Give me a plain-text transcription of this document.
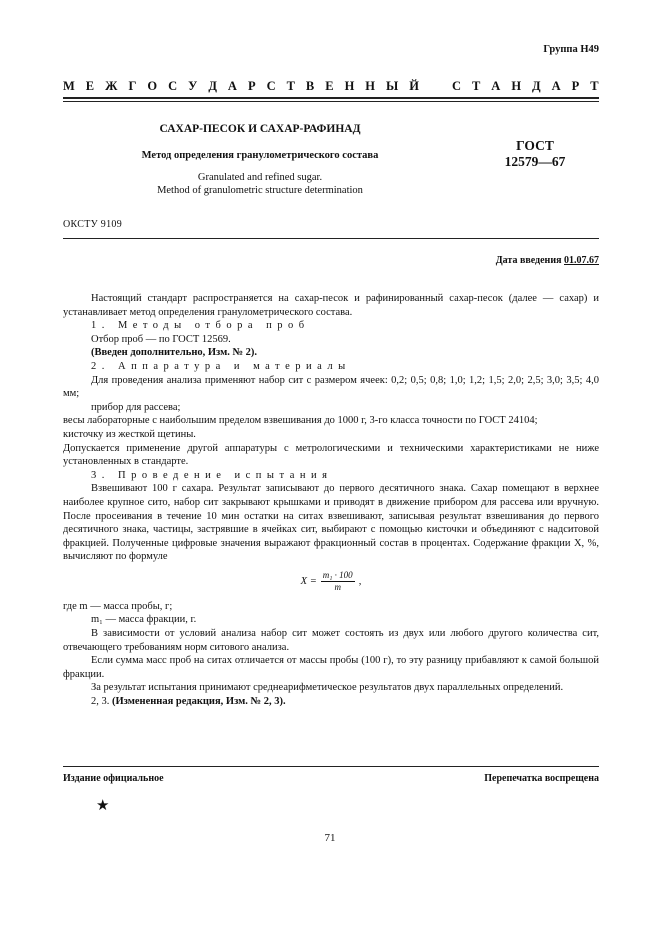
Группа Н49
М Е Ж Г О С У Д А Р С Т В Е Н Н Ы Й	С Т А Н Д А Р Т
САХАР-ПЕСОК И САХАР-РАФИНАД
Метод определения гранулометрического состава
Granulated and refined sugar.
Method of granulometric structure determination
ГОСТ
12579—67
ОКСТУ 9109
Дата введения 01.07.67

Настоящий стандарт распространяется на сахар-песок и рафинированный сахар-песок (далее — сахар) и устанавливает метод определения гранулометрического состава.

1. Методы отбора проб

Отбор проб — по ГОСТ 12569.

(Введен дополнительно, Изм. № 2).

2. Аппаратура и материалы

Для проведения анализа применяют набор сит с размером ячеек: 0,2; 0,5; 0,8; 1,0; 1,2; 1,5; 2,0; 2,5; 3,0; 3,5; 4,0 мм;

прибор для рассева;

весы лабораторные с наибольшим пределом взвешивания до 1000 г, 3-го класса точности по ГОСТ 24104;

кисточку из жесткой щетины.

Допускается применение другой аппаратуры с метрологическими и техническими характеристиками не ниже установленных в стандарте.

3. Проведение испытания

Взвешивают 100 г сахара. Результат записывают до первого десятичного знака. Сахар помещают в верхнее наиболее крупное сито, набор сит закрывают крышками и приводят в движение прибором для рассева или вручную. После просеивания в течение 10 мин остатки на ситах взвешивают, записывая результат взвешивания до первого десятичного знака, частицы, застрявшие в ячейках сит, выбирают с помощью кисточки и объединяют с надситовой фракцией. Полученные цифровые значения выражают фракционный состав в процентах. Содержание фракции X, %, вычисляют по формуле

$X = \frac{\text{m₁ · 100}}{m}$ ,

где m — масса пробы, г;

m₁ — масса фракции, г.

В зависимости от условий анализа набор сит может состоять из двух или любого другого количества сит, отвечающего требованиям норм ситового анализа.

Если сумма масс проб на ситах отличается от массы пробы (100 г), то эту разницу прибавляют к самой большой фракции.

За результат испытания принимают среднеарифметическое результатов двух параллельных определений.

2, 3. (Измененная редакция, Изм. № 2, 3).

Издание официальное	Перепечатка воспрещена
★
71
